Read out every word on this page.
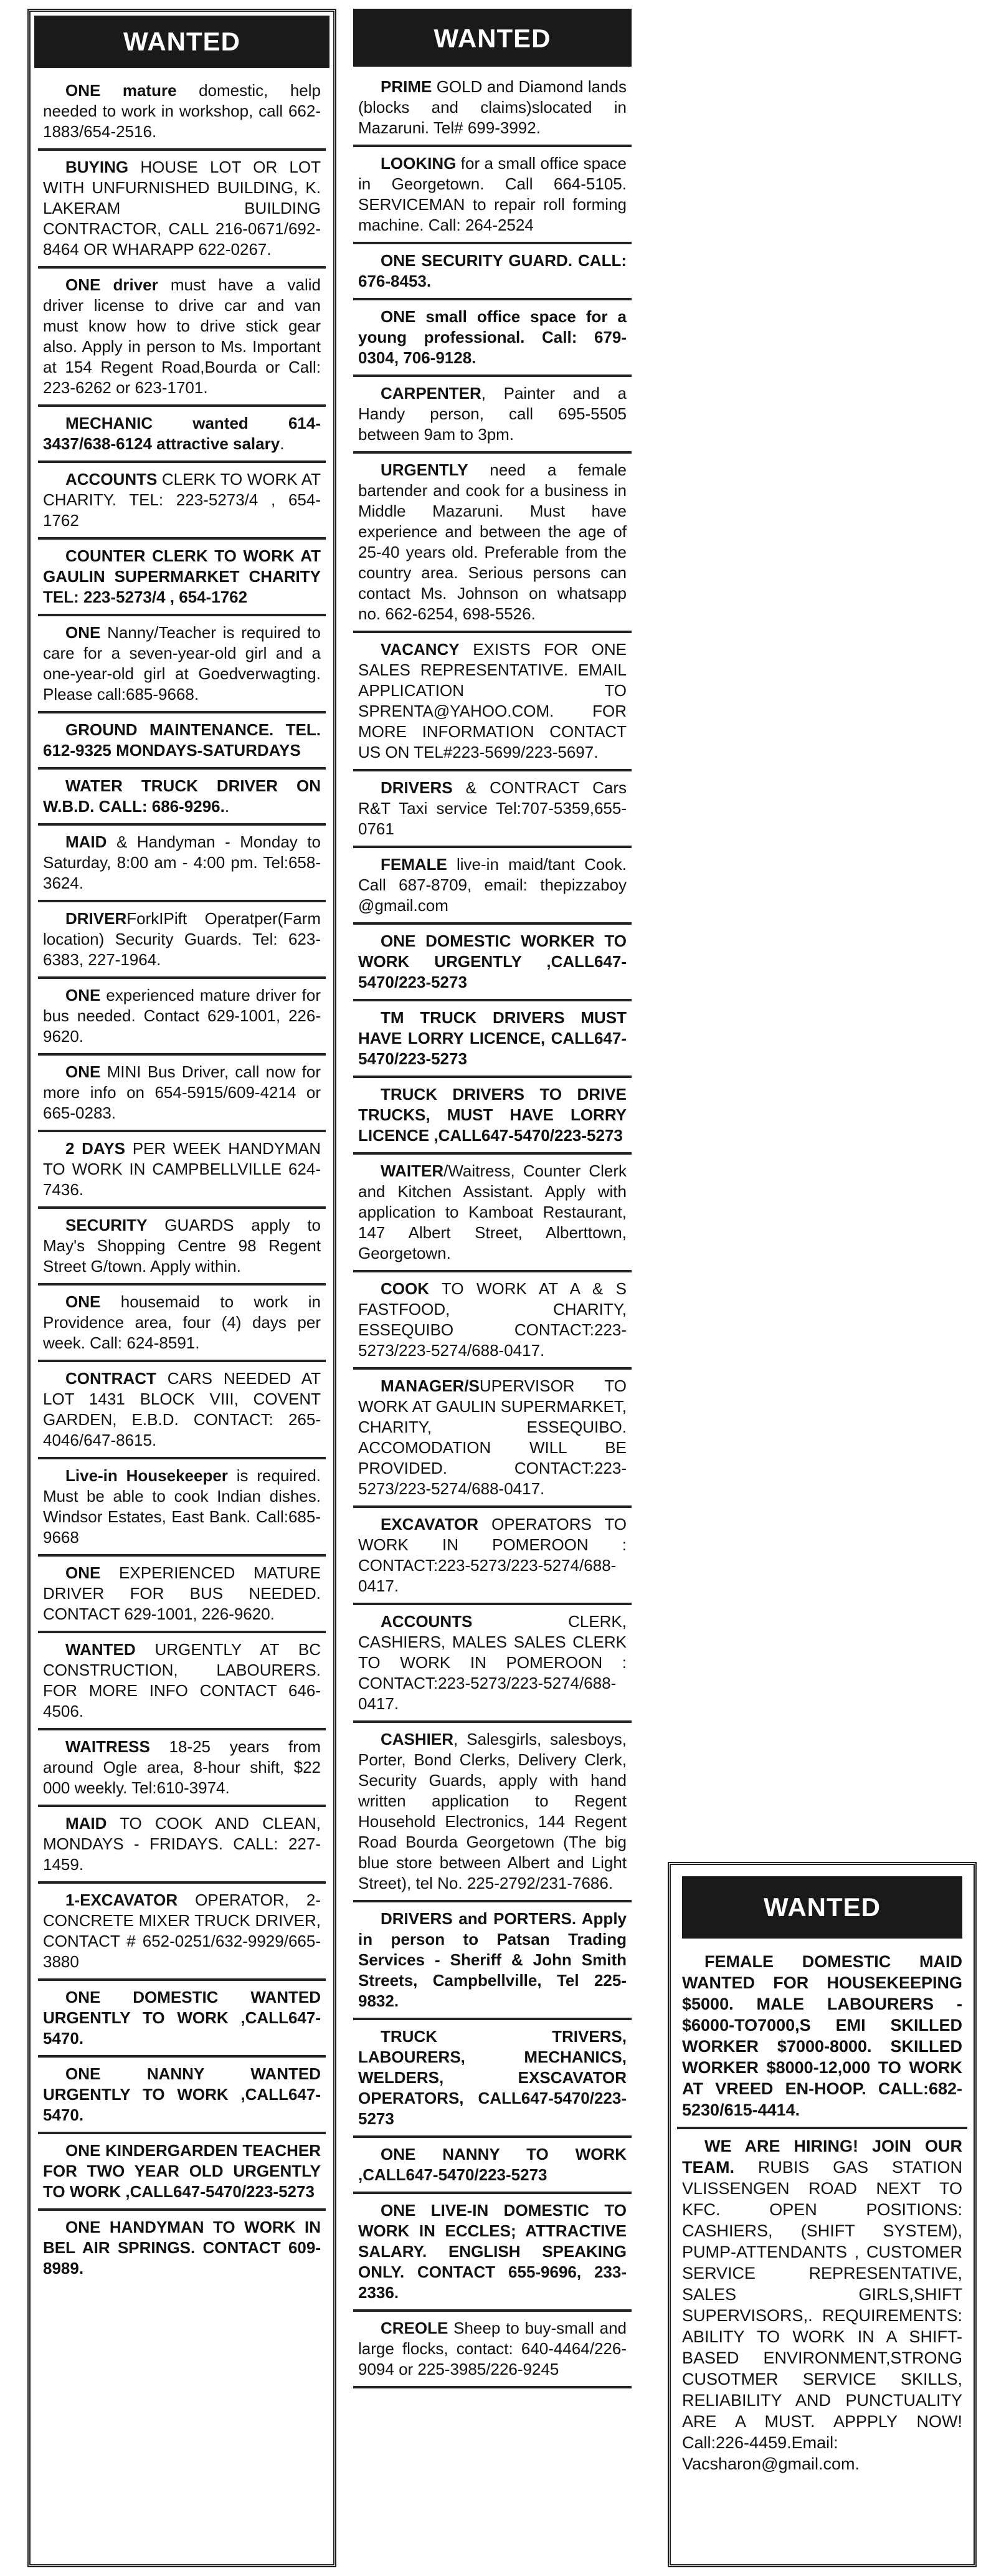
WANTED
ONE mature domestic, help needed to work in workshop, call 662-1883/654-2516.
BUYING HOUSE LOT OR LOT WITH UNFURNISHED BUILDING, K. LAKERAM BUILDING CONTRACTOR, CALL 216-0671/692-8464 OR WHARAPP 622-0267.
ONE driver must have a valid driver license to drive car and van must know how to drive stick gear also. Apply in person to Ms. Important at 154 Regent Road,Bourda or Call: 223-6262 or 623-1701.
MECHANIC wanted 614-3437/638-6124 attractive salary.
ACCOUNTS CLERK TO WORK AT CHARITY. TEL: 223-5273/4 , 654-1762
COUNTER CLERK TO WORK AT GAULIN SUPERMARKET CHARITY TEL: 223-5273/4 , 654-1762
ONE Nanny/Teacher is required to care for a seven-year-old girl and a one-year-old girl at Goedverwagting. Please call:685-9668.
GROUND MAINTENANCE. TEL. 612-9325 MONDAYS-SATURDAYS
WATER TRUCK DRIVER ON W.B.D. CALL: 686-9296..
MAID & Handyman - Monday to Saturday, 8:00 am - 4:00 pm. Tel:658-3624.
DRIVERForkIPift Operatper(Farm location) Security Guards. Tel: 623-6383, 227-1964.
ONE experienced mature driver for bus needed. Contact 629-1001, 226-9620.
ONE MINI Bus Driver, call now for more info on 654-5915/609-4214 or 665-0283.
2 DAYS PER WEEK HANDYMAN TO WORK IN CAMPBELLVILLE 624-7436.
SECURITY GUARDS apply to May's Shopping Centre 98 Regent Street G/town. Apply within.
ONE housemaid to work in Providence area, four (4) days per week. Call: 624-8591.
CONTRACT CARS NEEDED AT LOT 1431 BLOCK VIII, COVENT GARDEN, E.B.D. CONTACT: 265-4046/647-8615.
Live-in Housekeeper is required. Must be able to cook Indian dishes. Windsor Estates, East Bank. Call:685-9668
ONE EXPERIENCED MATURE DRIVER FOR BUS NEEDED. CONTACT 629-1001, 226-9620.
WANTED URGENTLY AT BC CONSTRUCTION, LABOURERS. FOR MORE INFO CONTACT 646-4506.
WAITRESS 18-25 years from around Ogle area, 8-hour shift, $22 000 weekly. Tel:610-3974.
MAID TO COOK AND CLEAN, MONDAYS - FRIDAYS. CALL: 227-1459.
1-EXCAVATOR OPERATOR, 2- CONCRETE MIXER TRUCK DRIVER, CONTACT # 652-0251/632-9929/665-3880
ONE DOMESTIC WANTED URGENTLY TO WORK ,CALL647-5470.
ONE NANNY WANTED URGENTLY TO WORK ,CALL647-5470.
ONE KINDERGARDEN TEACHER FOR TWO YEAR OLD URGENTLY TO WORK ,CALL647-5470/223-5273
ONE HANDYMAN TO WORK IN BEL AIR SPRINGS. CONTACT 609-8989.
WANTED
PRIME GOLD and Diamond lands (blocks and claims)slocated in Mazaruni. Tel# 699-3992.
LOOKING for a small office space in Georgetown. Call 664-5105. SERVICEMAN to repair roll forming machine. Call: 264-2524
ONE SECURITY GUARD. CALL: 676-8453.
ONE small office space for a young professional. Call: 679-0304, 706-9128.
CARPENTER, Painter and a Handy person, call 695-5505 between 9am to 3pm.
URGENTLY need a female bartender and cook for a business in Middle Mazaruni. Must have experience and between the age of 25-40 years old. Preferable from the country area. Serious persons can contact Ms. Johnson on whatsapp no. 662-6254, 698-5526.
VACANCY EXISTS FOR ONE SALES REPRESENTATIVE. EMAIL APPLICATION TO SPRENTA@YAHOO.COM. FOR MORE INFORMATION CONTACT US ON TEL#223-5699/223-5697.
DRIVERS & CONTRACT Cars R&T Taxi service Tel:707-5359,655-0761
FEMALE live-in maid/tant Cook. Call 687-8709, email: thepizzaboy @gmail.com
ONE DOMESTIC WORKER TO WORK URGENTLY ,CALL647-5470/223-5273
TM TRUCK DRIVERS MUST HAVE LORRY LICENCE, CALL647-5470/223-5273
TRUCK DRIVERS TO DRIVE TRUCKS, MUST HAVE LORRY LICENCE ,CALL647-5470/223-5273
WAITER/Waitress, Counter Clerk and Kitchen Assistant. Apply with application to Kamboat Restaurant, 147 Albert Street, Alberttown, Georgetown.
COOK TO WORK AT A & S FASTFOOD, CHARITY, ESSEQUIBO CONTACT:223-5273/223-5274/688-0417.
MANAGER/SUPERVISOR TO WORK AT GAULIN SUPERMARKET, CHARITY, ESSEQUIBO. ACCOMODATION WILL BE PROVIDED. CONTACT:223-5273/223-5274/688-0417.
EXCAVATOR OPERATORS TO WORK IN POMEROON : CONTACT:223-5273/223-5274/688-0417.
ACCOUNTS CLERK, CASHIERS, MALES SALES CLERK TO WORK IN POMEROON : CONTACT:223-5273/223-5274/688-0417.
CASHIER, Salesgirls, salesboys, Porter, Bond Clerks, Delivery Clerk, Security Guards, apply with hand written application to Regent Household Electronics, 144 Regent Road Bourda Georgetown (The big blue store between Albert and Light Street), tel No. 225-2792/231-7686.
DRIVERS and PORTERS. Apply in person to Patsan Trading Services - Sheriff & John Smith Streets, Campbellville, Tel 225-9832.
TRUCK TRIVERS, LABOURERS, MECHANICS, WELDERS, EXSCAVATOR OPERATORS, CALL647-5470/223-5273
ONE NANNY TO WORK ,CALL647-5470/223-5273
ONE LIVE-IN DOMESTIC TO WORK IN ECCLES; ATTRACTIVE SALARY. ENGLISH SPEAKING ONLY. CONTACT 655-9696, 233-2336.
CREOLE Sheep to buy-small and large flocks, contact: 640-4464/226-9094 or 225-3985/226-9245
WANTED
FEMALE DOMESTIC MAID WANTED FOR HOUSEKEEPING $5000. MALE LABOURERS - $6000-TO7000,S EMI SKILLED WORKER $7000-8000. SKILLED WORKER $8000-12,000 TO WORK AT VREED EN-HOOP. CALL:682-5230/615-4414.
WE ARE HIRING! JOIN OUR TEAM. RUBIS GAS STATION VLISSENGEN ROAD NEXT TO KFC. OPEN POSITIONS: CASHIERS, (SHIFT SYSTEM), PUMP-ATTENDANTS , CUSTOMER SERVICE REPRESENTATIVE, SALES GIRLS,SHIFT SUPERVISORS,. REQUIREMENTS: ABILITY TO WORK IN A SHIFT-BASED ENVIRONMENT,STRONG CUSOTMER SERVICE SKILLS, RELIABILITY AND PUNCTUALITY ARE A MUST. APPPLY NOW! Call:226-4459.Email: Vacsharon@gmail.com.
